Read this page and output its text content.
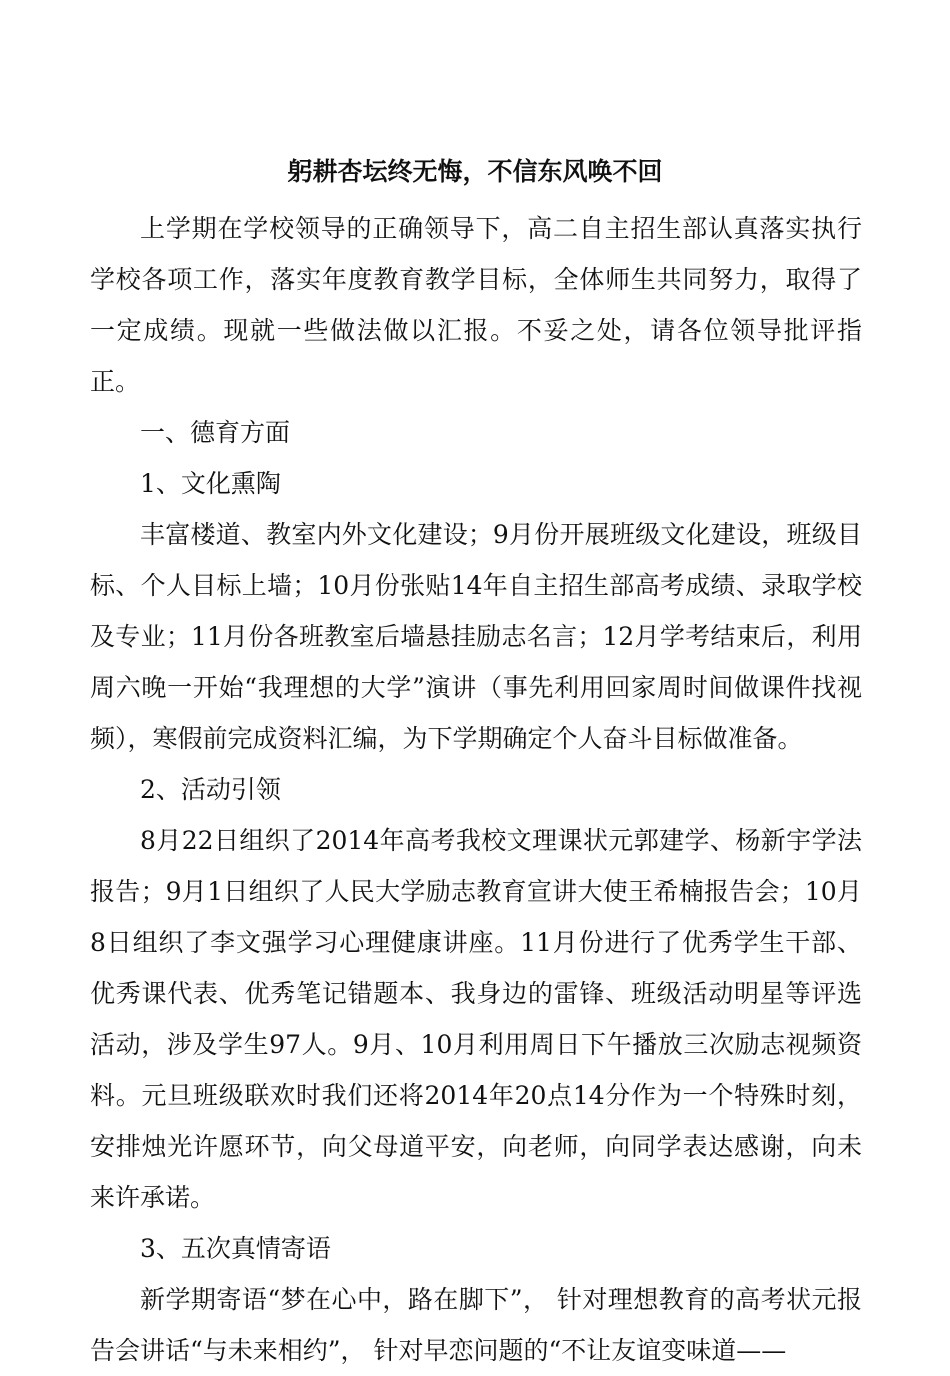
躬耕杏坛终无悔，不信东风唤不回

上学期在学校领导的正确领导下，高二自主招生部认真落实执行学校各项工作，落实年度教育教学目标，全体师生共同努力，取得了一定成绩。现就一些做法做以汇报。不妥之处，请各位领导批评指正。

一、德育方面

1、文化熏陶

丰富楼道、教室内外文化建设；9月份开展班级文化建设，班级目标、个人目标上墙；10月份张贴14年自主招生部高考成绩、录取学校及专业；11月份各班教室后墙悬挂励志名言；12月学考结束后，利用周六晚一开始“我理想的大学”演讲（事先利用回家周时间做课件找视频），寒假前完成资料汇编，为下学期确定个人奋斗目标做准备。

2、活动引领

8月22日组织了2014年高考我校文理课状元郭建学、杨新宇学法报告；9月1日组织了人民大学励志教育宣讲大使王希楠报告会；10月8日组织了李文强学习心理健康讲座。11月份进行了优秀学生干部、优秀课代表、优秀笔记错题本、我身边的雷锋、班级活动明星等评选活动，涉及学生97人。9月、10月利用周日下午播放三次励志视频资料。元旦班级联欢时我们还将2014年20点14分作为一个特殊时刻，安排烛光许愿环节，向父母道平安，向老师，向同学表达感谢，向未来许承诺。

3、五次真情寄语

新学期寄语“梦在心中，路在脚下”， 针对理想教育的高考状元报告会讲话“与未来相约”， 针对早恋问题的“不让友谊变味道——
